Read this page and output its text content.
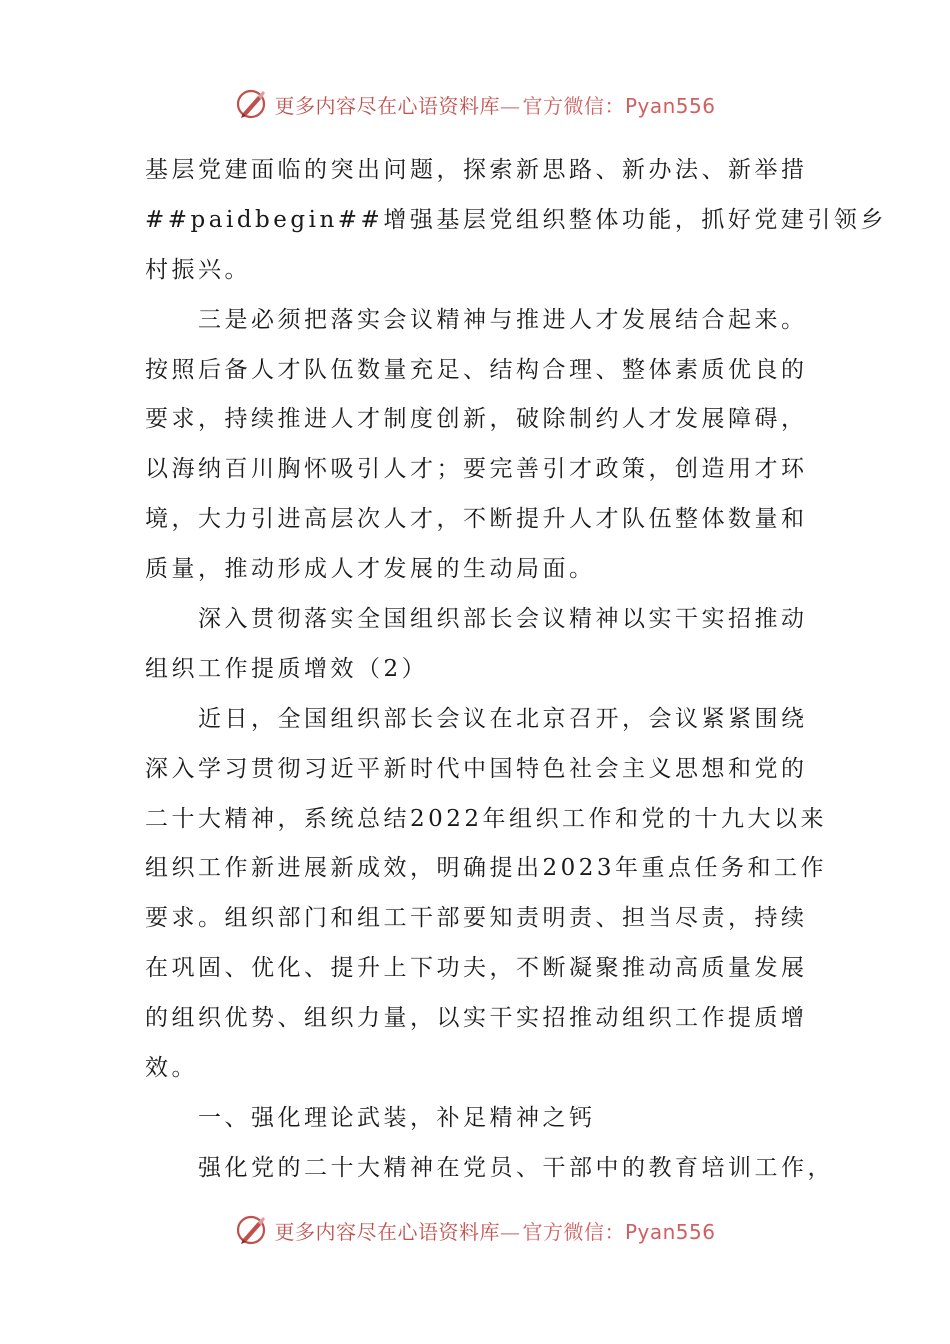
更多内容尽在心语资料库— 官方微信：Pyan556
基层党建面临的突出问题，探索新思路、新办法、新举措
##paidbegin##增强基层党组织整体功能，抓好党建引领乡
村振兴。
三是必须把落实会议精神与推进人才发展结合起来。
按照后备人才队伍数量充足、结构合理、整体素质优良的
要求，持续推进人才制度创新，破除制约人才发展障碍，
以海纳百川胸怀吸引人才；要完善引才政策，创造用才环
境，大力引进高层次人才，不断提升人才队伍整体数量和
质量，推动形成人才发展的生动局面。
深入贯彻落实全国组织部长会议精神以实干实招推动
组织工作提质增效（2）
近日，全国组织部长会议在北京召开，会议紧紧围绕
深入学习贯彻习近平新时代中国特色社会主义思想和党的
二十大精神，系统总结2022年组织工作和党的十九大以来
组织工作新进展新成效，明确提出2023年重点任务和工作
要求。组织部门和组工干部要知责明责、担当尽责，持续
在巩固、优化、提升上下功夫，不断凝聚推动高质量发展
的组织优势、组织力量，以实干实招推动组织工作提质增
效。
一、强化理论武装，补足精神之钙
强化党的二十大精神在党员、干部中的教育培训工作，
更多内容尽在心语资料库— 官方微信：Pyan556
